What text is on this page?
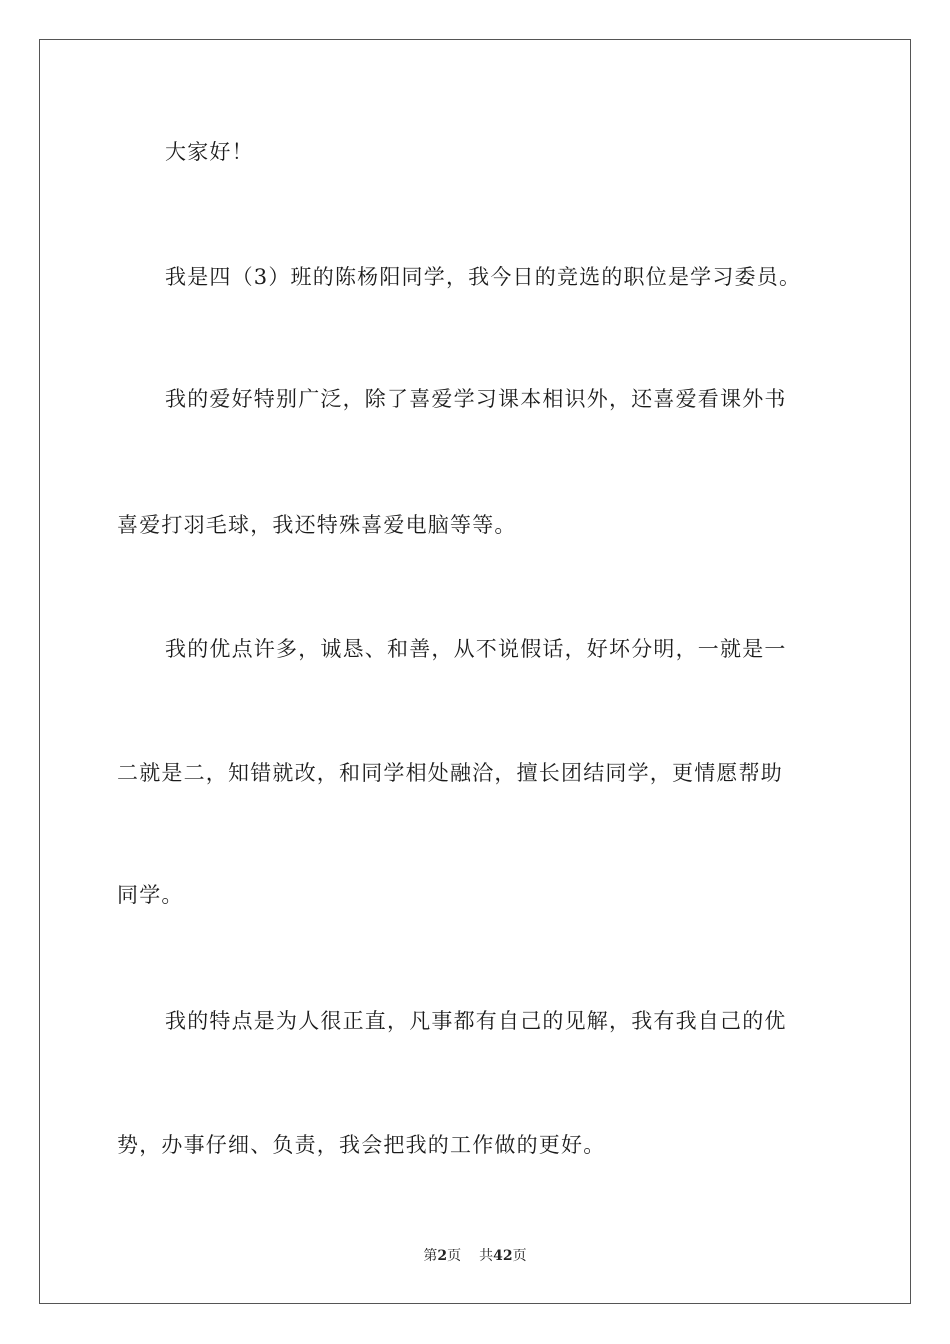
大家好！
我是四（3）班的陈杨阳同学，我今日的竞选的职位是学习委员。
我的爱好特别广泛，除了喜爱学习课本相识外，还喜爱看课外书
喜爱打羽毛球，我还特殊喜爱电脑等等。
我的优点许多，诚恳、和善，从不说假话，好坏分明，一就是一
二就是二，知错就改，和同学相处融洽，擅长团结同学，更情愿帮助
同学。
我的特点是为人很正直，凡事都有自己的见解，我有我自己的优
势，办事仔细、负责，我会把我的工作做的更好。
第2页 共42页
